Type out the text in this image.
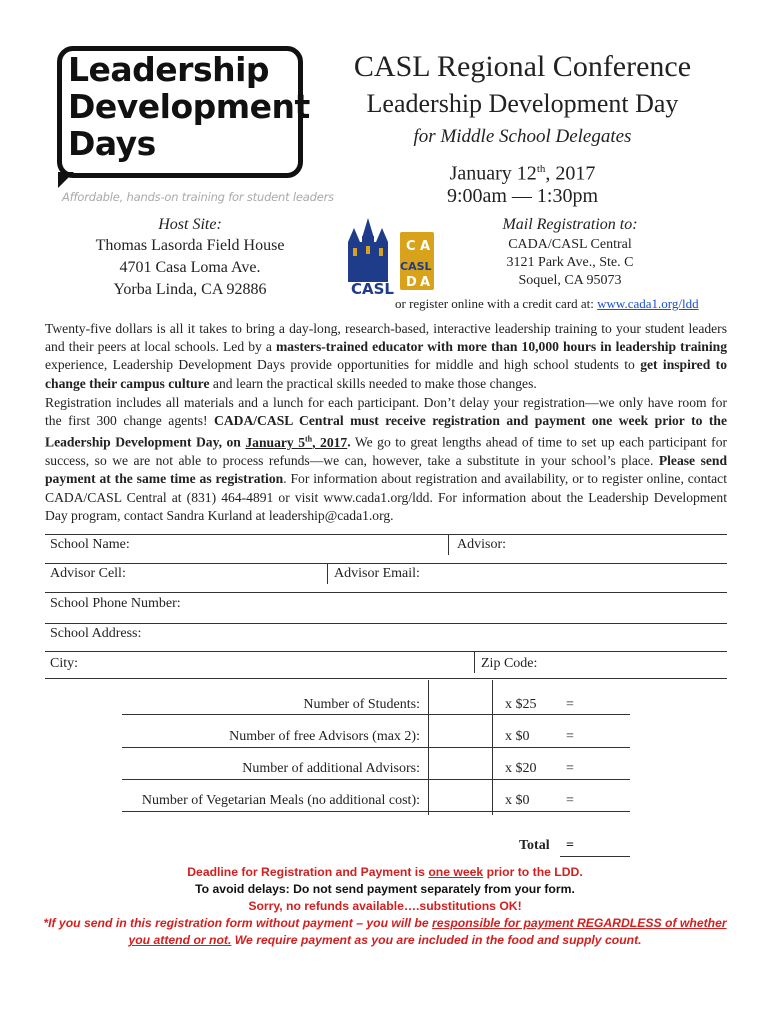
Leadership
Development
Days
Affordable, hands-on training for student leaders
CASL Regional Conference
Leadership Development Day
for Middle School Delegates
January 12th, 2017
9:00am — 1:30pm
Host Site:
Thomas Lasorda Field House
4701 Casa Loma Ave.
Yorba Linda, CA 92886	CASL
C A
CASL
D A
Mail Registration to:
CADA/CASL Central
3121 Park Ave., Ste. C
Soquel, CA 95073
or register online with a credit card at: www.cada1.org/ldd
Twenty-five dollars is all it takes to bring a day-long, research-based, interactive leadership training to your student leaders and their peers at local schools. Led by a masters-trained educator with more than 10,000 hours in leadership training experience, Leadership Development Days provide opportunities for middle and high school students to get inspired to change their campus culture and learn the practical skills needed to make those changes.
Registration includes all materials and a lunch for each participant. Don’t delay your registration—we only have room for the first 300 change agents! CADA/CASL Central must receive registration and payment one week prior to the Leadership Development Day, on January 5th, 2017. We go to great lengths ahead of time to set up each participant for success, so we are not able to process refunds—we can, however, take a substitute in your school’s place. Please send payment at the same time as registration. For information about registration and availability, or to register online, contact CADA/CASL Central at (831) 464-4891 or visit www.cada1.org/ldd. For information about the Leadership Development Day program, contact Sandra Kurland at leadership@cada1.org.
School Name:	Advisor:
Advisor Cell:	Advisor Email:
School Phone Number:
School Address:
City:	Zip Code:
Number of Students:	x $25 =
Number of free Advisors (max 2):	x $0	=
Number of additional Advisors:	x $20 =
Number of Vegetarian Meals (no additional cost):	x $0	=
Total =
Deadline for Registration and Payment is one week prior to the LDD.
To avoid delays: Do not send payment separately from your form.
Sorry, no refunds available….substitutions OK!
*If you send in this registration form without payment – you will be responsible for payment REGARDLESS of whether
you attend or not. We require payment as you are included in the food and supply count.
